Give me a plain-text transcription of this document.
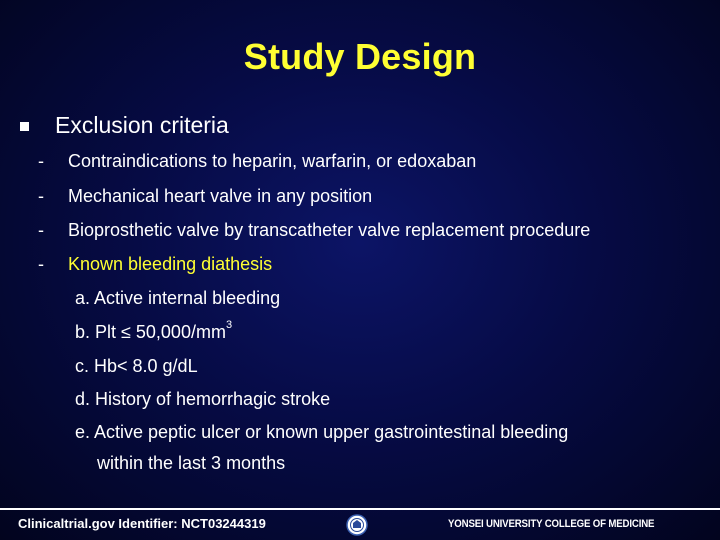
Study Design
Exclusion criteria
-	Contraindications to heparin, warfarin, or edoxaban
-	Mechanical heart valve in any position
-	Bioprosthetic valve by transcatheter valve replacement procedure
-	Known bleeding diathesis
a. Active internal bleeding
b. Plt ≤ $50,000/mm^3$
c. Hb< 8.0 g/dL
d. History of hemorrhagic stroke
e. Active peptic ulcer or known upper gastrointestinal bleeding
within the last 3 months
Clinicaltrial.gov Identifier: NCT03244319	YONSEI UNIVERSITY COLLEGE OF MEDICINE
